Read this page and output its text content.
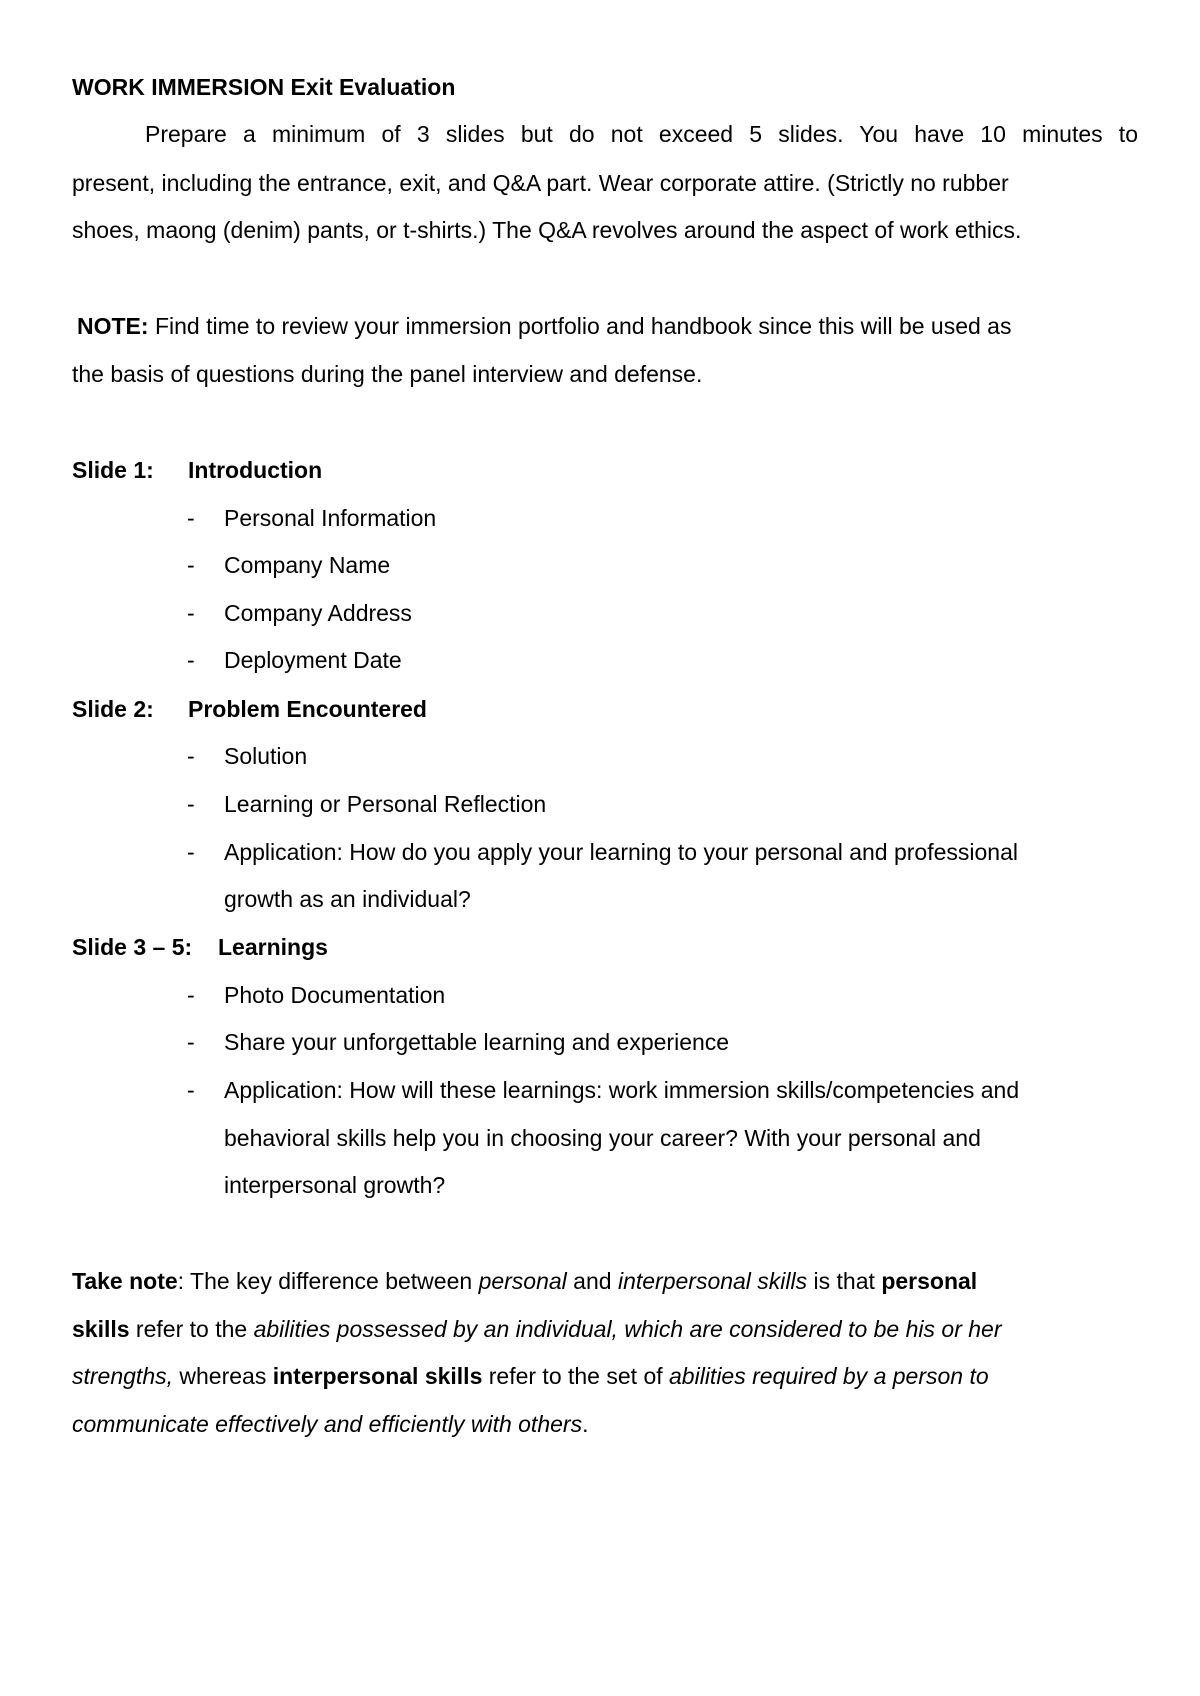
WORK IMMERSION Exit Evaluation
Prepare a minimum of 3 slides but do not exceed 5 slides. You have 10 minutes to
present, including the entrance, exit, and Q&A part. Wear corporate attire. (Strictly no rubber
shoes, maong (denim) pants, or t-shirts.) The Q&A revolves around the aspect of work ethics.
NOTE: Find time to review your immersion portfolio and handbook since this will be used as
the basis of questions during the panel interview and defense.
Slide 1: Introduction
- Personal Information
- Company Name
- Company Address
- Deployment Date
Slide 2: Problem Encountered
- Solution
- Learning or Personal Reflection
- Application: How do you apply your learning to your personal and professional
growth as an individual?
Slide 3 – 5: Learnings
- Photo Documentation
- Share your unforgettable learning and experience
- Application: How will these learnings: work immersion skills/competencies and
behavioral skills help you in choosing your career? With your personal and
interpersonal growth?
Take note: The key difference between personal and interpersonal skills is that personal
skills refer to the abilities possessed by an individual, which are considered to be his or her
strengths, whereas interpersonal skills refer to the set of abilities required by a person to
communicate effectively and efficiently with others.
